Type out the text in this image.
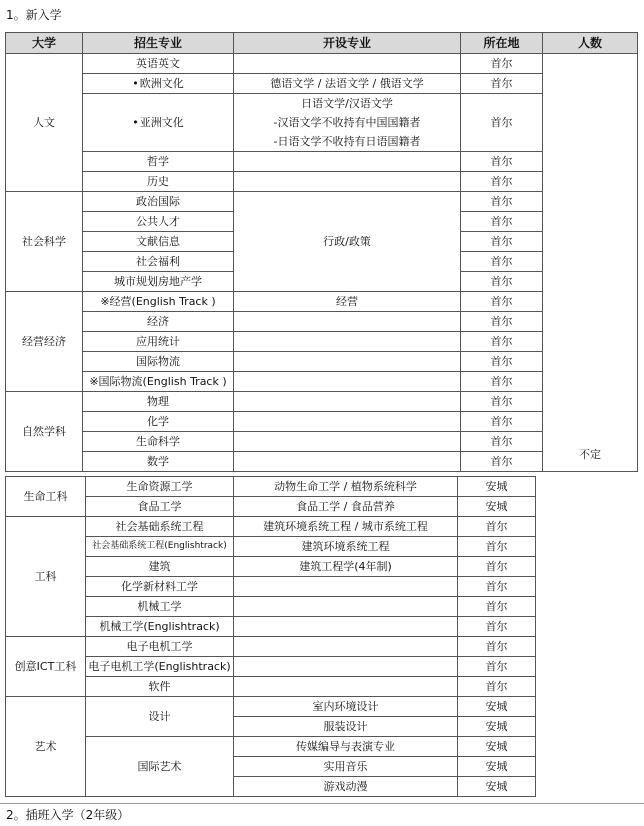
1。新入学
大学	招生专业	开设专业	所在地	人数
人文	英语英文		首尔	不定
	• 欧洲文化	德语文学 / 法语文学 / 俄语文学	首尔	
	• 亚洲文化	日语文学/汉语文学
-汉语文学不收持有中国国籍者
-日语文学不收持有日语国籍者	首尔	
	哲学		首尔	
	历史		首尔	
社会科学	政治国际	行政/政策	首尔	
	公共人才		首尔	
	文献信息		首尔	
	社会福利		首尔	
	城市规划房地产学		首尔	
经营经济	※经营(English Track )	经营	首尔	
	经济		首尔	
	应用统计		首尔	
	国际物流		首尔	
	※国际物流(English Track )		首尔	
自然学科	物理		首尔	
	化学		首尔	
	生命科学		首尔	
	数学		首尔	
生命工科	生命资源工学	动物生命工学 / 植物系统科学	安城
	食品工学	食品工学 / 食品营养	安城
工科	社会基础系统工程	建筑环境系统工程 / 城市系统工程	首尔
	社会基础系统工程(Englishtrack)	建筑环境系统工程	首尔
	建筑	建筑工程学(4年制)	首尔
	化学新材料工学		首尔
	机械工学		首尔
	机械工学(Englishtrack)		首尔
创意ICT工科	电子电机工学		首尔
	电子电机工学(Englishtrack)		首尔
	软件		首尔
艺术	设计	室内环境设计	安城
		服装设计	安城
	国际艺术	传媒编导与表演专业	安城
		实用音乐	安城
		游戏动漫	安城
2。插班入学（2年级）
